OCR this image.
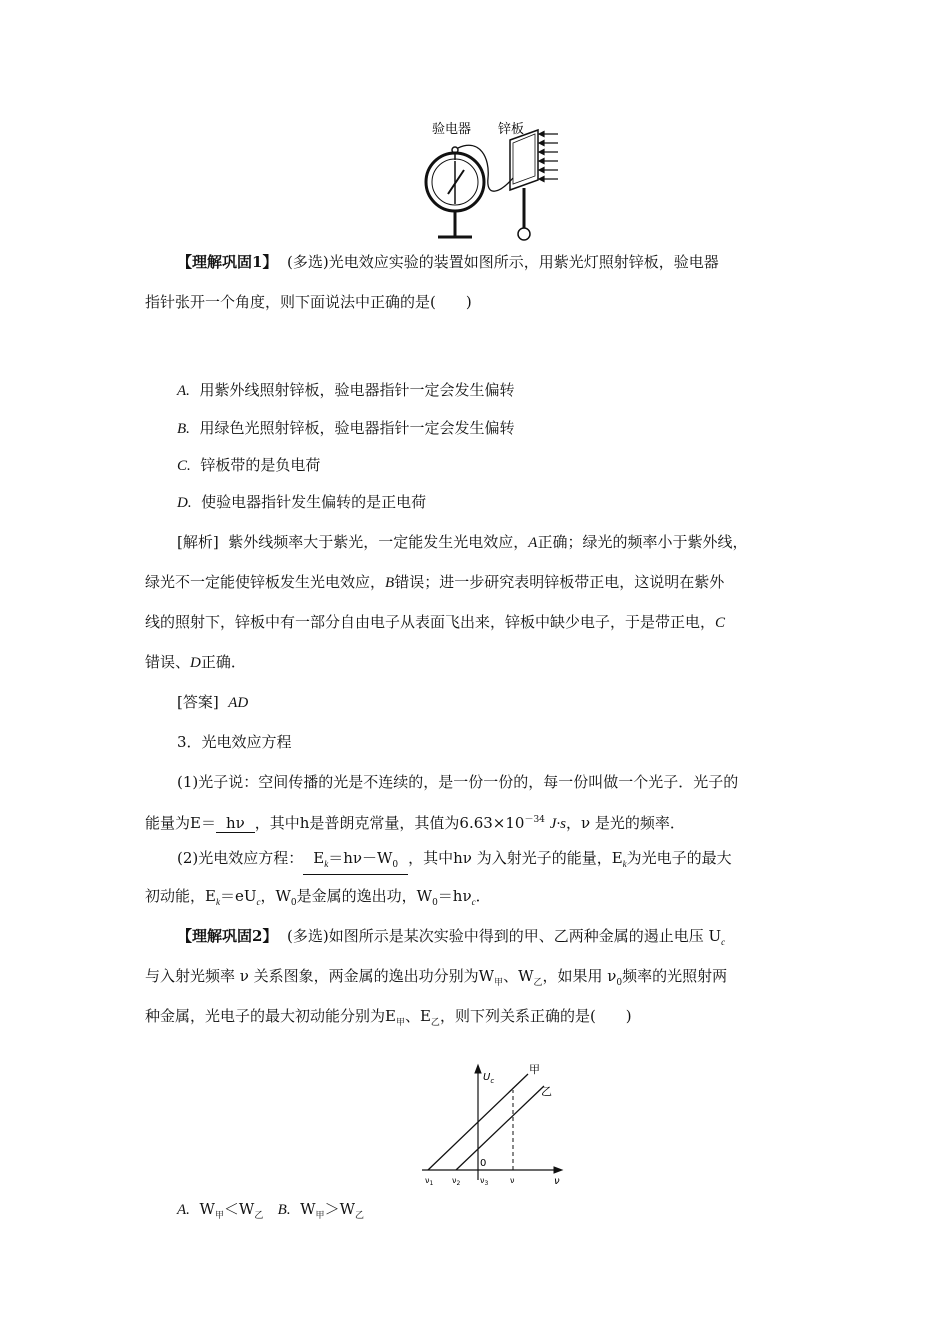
验电器 锌板
【理解巩固1】 (多选)光电效应实验的装置如图所示，用紫光灯照射锌板，验电器
指针张开一个角度，则下面说法中正确的是(　　)
A. 用紫外线照射锌板，验电器指针一定会发生偏转
B. 用绿色光照射锌板，验电器指针一定会发生偏转
C. 锌板带的是负电荷
D. 使验电器指针发生偏转的是正电荷
[解析] 紫外线频率大于紫光，一定能发生光电效应，A正确；绿光的频率小于紫外线，
绿光不一定能使锌板发生光电效应，B错误；进一步研究表明锌板带正电，这说明在紫外
线的照射下，锌板中有一部分自由电子从表面飞出来，锌板中缺少电子，于是带正电，C
错误、D正确．
[答案] AD
3．光电效应方程
(1)光子说：空间传播的光是不连续的，是一份一份的，每一份叫做一个光子．光子的
能量为E＝ hν ，其中h是普朗克常量，其值为$6.63\times 10^{-34}$ J·s，ν 是光的频率．
(2)光电效应方程： $E_k=h\nu-W_0$ ，其中hν 为入射光子的能量，$E_k$为光电子的最大
初动能，$E_k=eU_c$，$W_0$是金属的逸出功，$W_0=h\nu_c$．
【理解巩固2】 (多选)如图所示是某次实验中得到的甲、乙两种金属的遏止电压 $U_c$
与入射光频率 ν 关系图象，两金属的逸出功分别为$W_甲$、$W_乙$，如果用 $\nu_0$频率的光照射两
种金属，光电子的最大初动能分别为$E_甲$、$E_乙$，则下列关系正确的是(　　)
$U_c$
甲
乙
0
ν
$\nu_1$ $\nu_2$ $\nu_3$	ν
A. $W_甲<W_乙$ B. $W_甲>W_乙$
